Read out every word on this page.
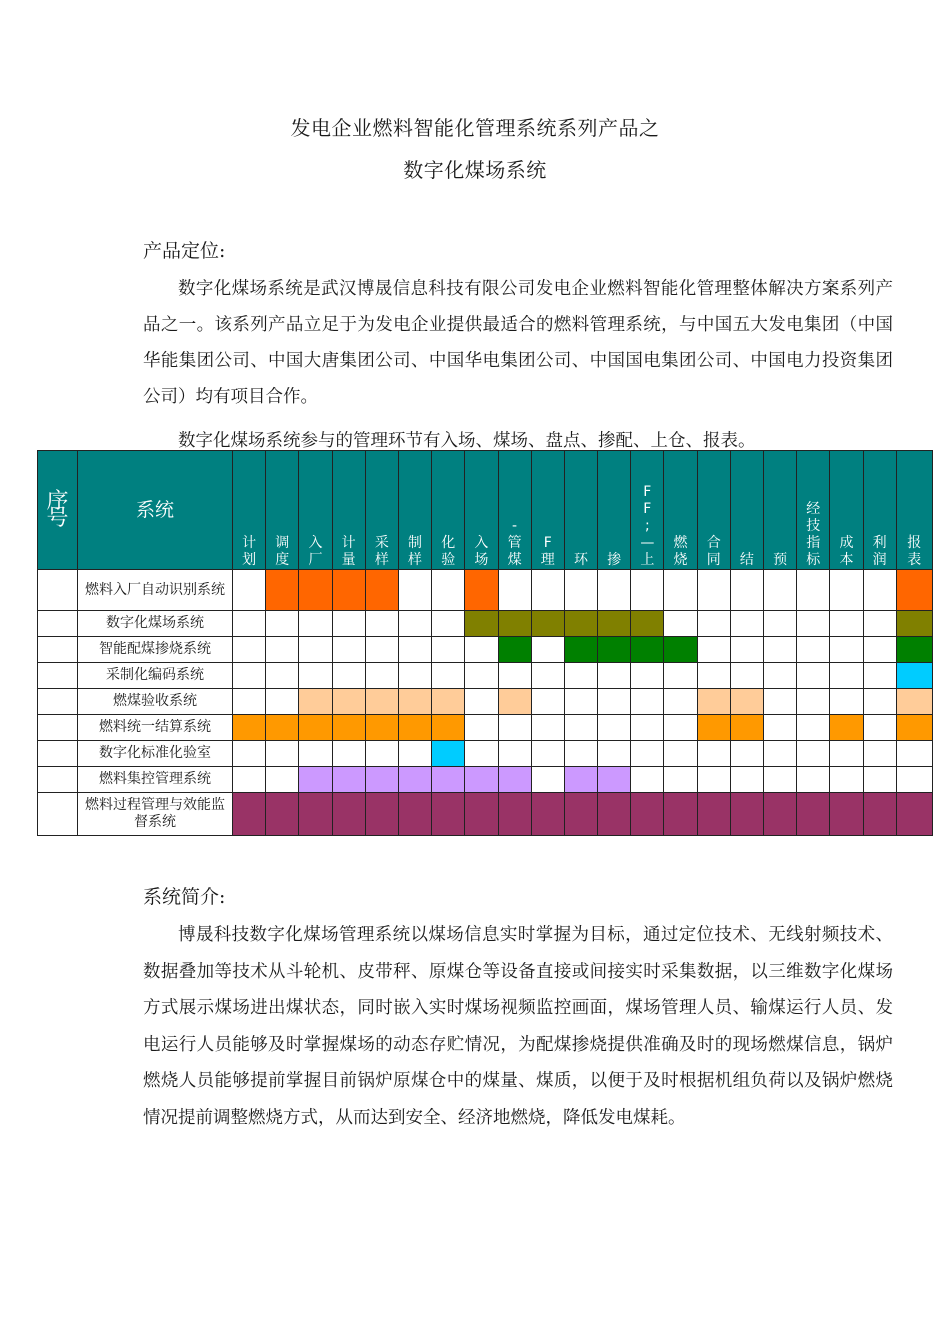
发电企业燃料智能化管理系统系列产品之
数字化煤场系统
产品定位:

数字化煤场系统是武汉博晟信息科技有限公司发电企业燃料智能化管理整体解决方案系列产品之一。该系列产品立足于为发电企业提供最适合的燃料管理系统，与中国五大发电集团（中国华能集团公司、中国大唐集团公司、中国华电集团公司、中国国电集团公司、中国电力投资集团公司）均有项目合作。

数字化煤场系统参与的管理环节有入场、煤场、盘点、掺配、上仓、报表。

序号	系统	计划	调度	入厂	计量	采样	制样	化验	入场	-管煤	F理	环	掺	FF ;—上	燃烧	合同	结	预	经技指标	成本	利润	报表

	燃料入厂自动识别系统																					
	数字化煤场系统																					
	智能配煤掺烧系统																					
	采制化编码系统																					
	燃煤验收系统																					
	燃料统一结算系统																					
	数字化标准化验室																					
	燃料集控管理系统																					
	燃料过程管理与效能监督系统																					
系统简介:

博晟科技数字化煤场管理系统以煤场信息实时掌握为目标，通过定位技术、无线射频技术、数据叠加等技术从斗轮机、皮带秤、原煤仓等设备直接或间接实时采集数据，以三维数字化煤场方式展示煤场进出煤状态，同时嵌入实时煤场视频监控画面，煤场管理人员、输煤运行人员、发电运行人员能够及时掌握煤场的动态存贮情况，为配煤掺烧提供准确及时的现场燃煤信息，锅炉燃烧人员能够提前掌握目前锅炉原煤仓中的煤量、煤质，以便于及时根据机组负荷以及锅炉燃烧情况提前调整燃烧方式，从而达到安全、经济地燃烧，降低发电煤耗。
